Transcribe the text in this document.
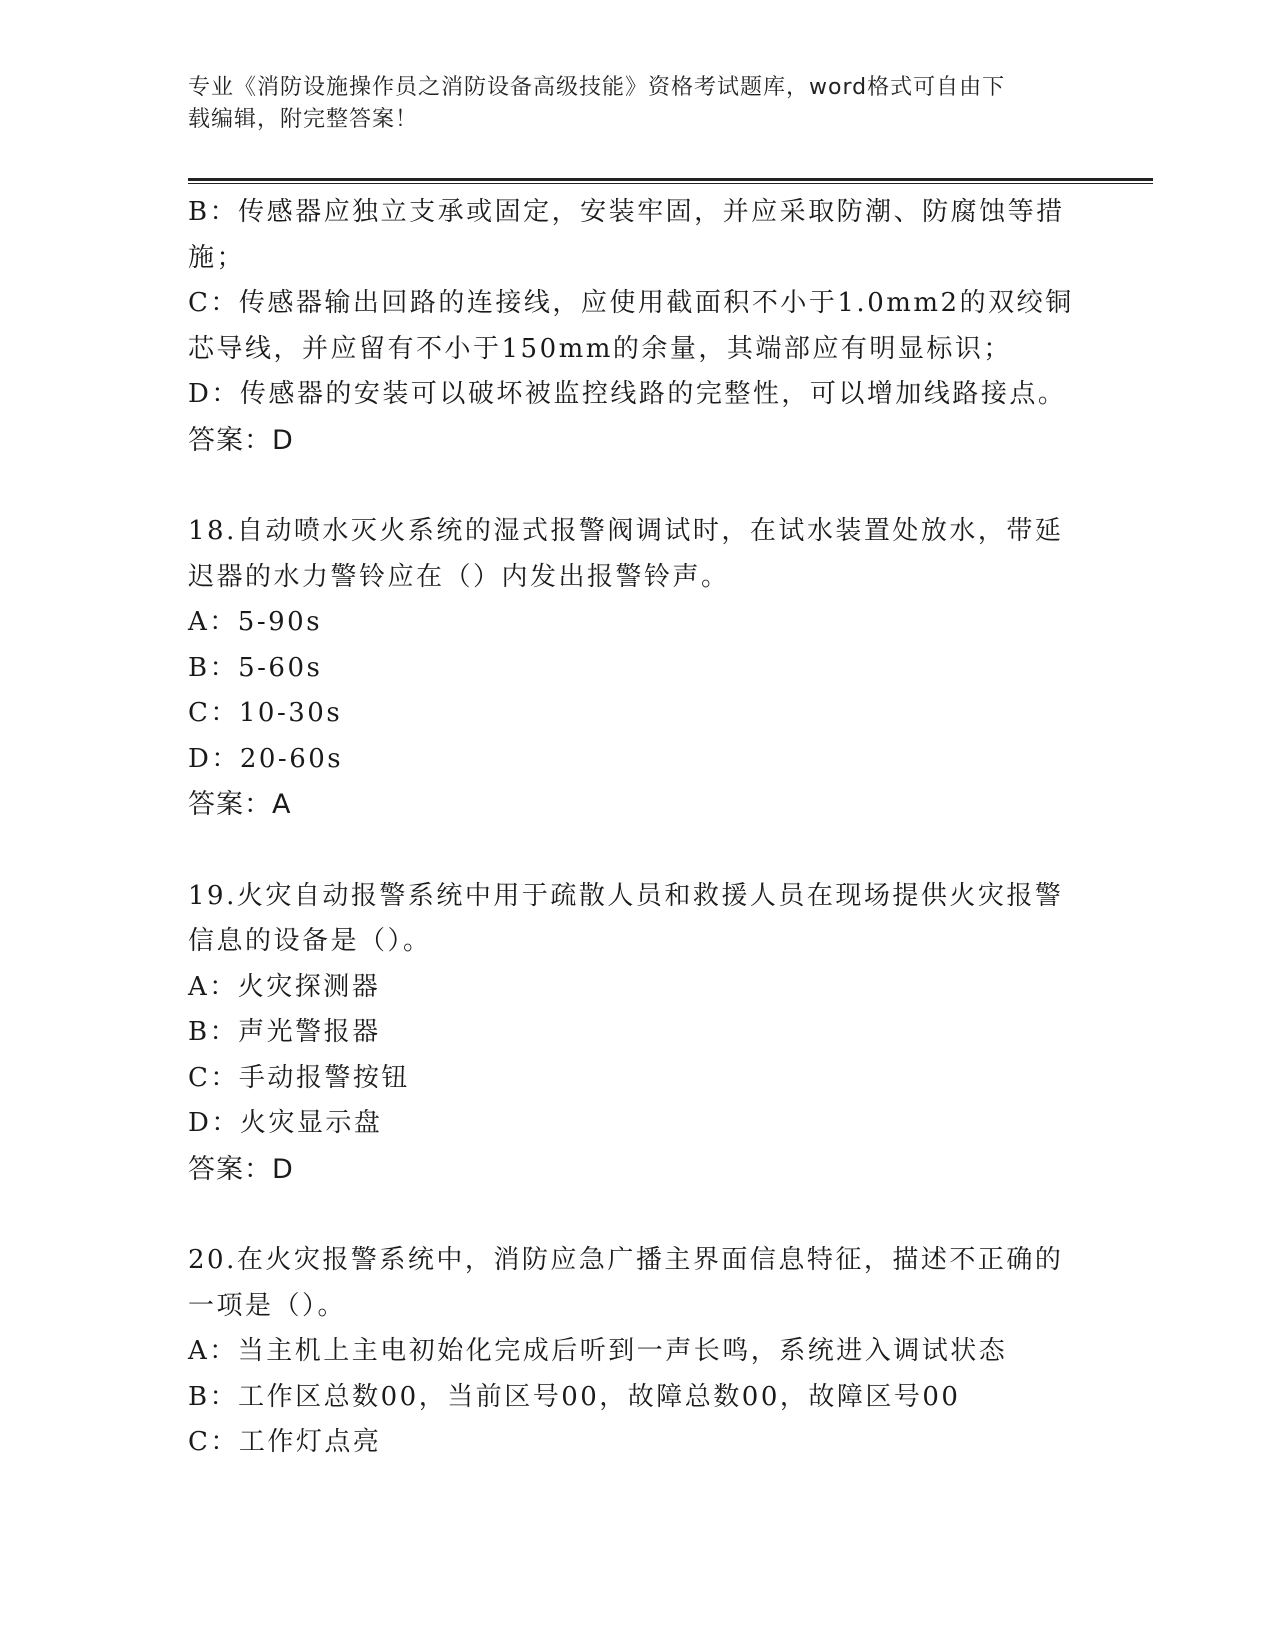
专业《消防设施操作员之消防设备高级技能》资格考试题库，word格式可自由下
载编辑，附完整答案！
B：传感器应独立支承或固定，安装牢固，并应采取防潮、防腐蚀等措
施；
C：传感器输出回路的连接线，应使用截面积不小于1.0mm2的双绞铜
芯导线，并应留有不小于150mm的余量，其端部应有明显标识；
D：传感器的安装可以破坏被监控线路的完整性，可以增加线路接点。
答案：D
18.自动喷水灭火系统的湿式报警阀调试时，在试水装置处放水，带延
迟器的水力警铃应在（）内发出报警铃声。
A：5-90s
B：5-60s
C：10-30s
D：20-60s
答案：A
19.火灾自动报警系统中用于疏散人员和救援人员在现场提供火灾报警
信息的设备是（）。
A：火灾探测器
B：声光警报器
C：手动报警按钮
D：火灾显示盘
答案：D
20.在火灾报警系统中，消防应急广播主界面信息特征，描述不正确的
一项是（）。
A：当主机上主电初始化完成后听到一声长鸣，系统进入调试状态
B：工作区总数00，当前区号00，故障总数00，故障区号00
C：工作灯点亮
